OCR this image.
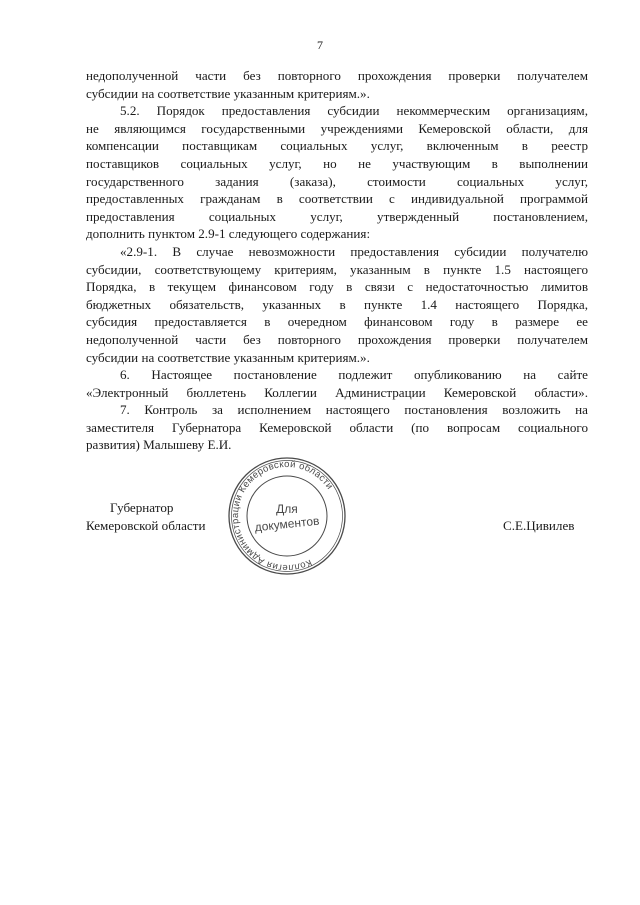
7
недополученной части без повторного прохождения проверки получателем
субсидии на соответствие указанным критериям.».
5.2. Порядок предоставления субсидии некоммерческим организациям,
не являющимся государственными учреждениями Кемеровской области, для
компенсации поставщикам социальных услуг, включенным в реестр
поставщиков социальных услуг, но не участвующим в выполнении
государственного задания (заказа), стоимости социальных услуг,
предоставленных гражданам в соответствии с индивидуальной программой
предоставления социальных услуг, утвержденный постановлением,
дополнить пунктом 2.9-1 следующего содержания:
«2.9-1. В случае невозможности предоставления субсидии получателю
субсидии, соответствующему критериям, указанным в пункте 1.5 настоящего
Порядка, в текущем финансовом году в связи с недостаточностью лимитов
бюджетных обязательств, указанных в пункте 1.4 настоящего Порядка,
субсидия предоставляется в очередном финансовом году в размере ее
недополученной части без повторного прохождения проверки получателем
субсидии на соответствие указанным критериям.».
6. Настоящее постановление подлежит опубликованию на сайте
«Электронный бюллетень Коллегии Администрации Кемеровской области».
7. Контроль за исполнением настоящего постановления возложить на
заместителя Губернатора Кемеровской области (по вопросам социального
развития) Малышеву Е.И.
Губернатор
Кемеровской области	С.Е.Цивилев
Коллегия Администрации Кемеровской области
Для
документов
